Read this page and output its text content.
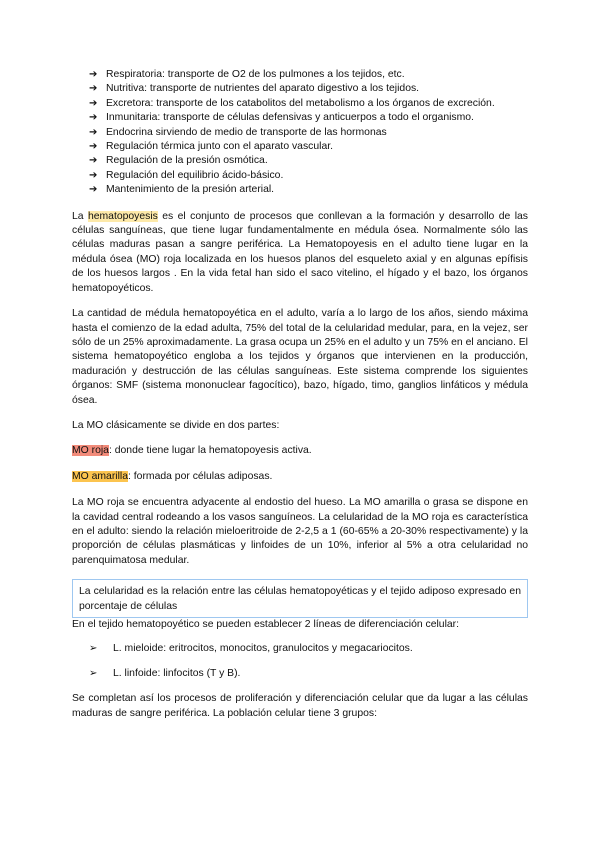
➔ Respiratoria: transporte de O2 de los pulmones a los tejidos, etc.
➔ Nutritiva: transporte de nutrientes del aparato digestivo a los tejidos.
➔ Excretora: transporte de los catabolitos del metabolismo a los órganos de excreción.
➔ Inmunitaria: transporte de células defensivas y anticuerpos a todo el organismo.
➔ Endocrina sirviendo de medio de transporte de las hormonas
➔ Regulación térmica junto con el aparato vascular.
➔ Regulación de la presión osmótica.
➔ Regulación del equilibrio ácido-básico.
➔ Mantenimiento de la presión arterial.

La hematopoyesis es el conjunto de procesos que conllevan a la formación y desarrollo de las células sanguíneas, que tiene lugar fundamentalmente en médula ósea. Normalmente sólo las células maduras pasan a sangre periférica. La Hematopoyesis en el adulto tiene lugar en la médula ósea (MO) roja localizada en los huesos planos del esqueleto axial y en algunas epífisis de los huesos largos . En la vida fetal han sido el saco vitelino, el hígado y el bazo, los órganos hematopoyéticos.

La cantidad de médula hematopoyética en el adulto, varía a lo largo de los años, siendo máxima hasta el comienzo de la edad adulta, 75% del total de la celularidad medular, para, en la vejez, ser sólo de un 25% aproximadamente. La grasa ocupa un 25% en el adulto y un 75% en el anciano. El sistema hematopoyético engloba a los tejidos y órganos que intervienen en la producción, maduración y destrucción de las células sanguíneas. Este sistema comprende los siguientes órganos: SMF (sistema mononuclear fagocítico), bazo, hígado, timo, ganglios linfáticos y médula ósea.

La MO clásicamente se divide en dos partes:

MO roja: donde tiene lugar la hematopoyesis activa.

MO amarilla: formada por células adiposas.

La MO roja se encuentra adyacente al endostio del hueso. La MO amarilla o grasa se dispone en la cavidad central rodeando a los vasos sanguíneos. La celularidad de la MO roja es característica en el adulto: siendo la relación mieloeritroide de 2-2,5 a 1 (60-65% a 20-30% respectivamente) y la proporción de células plasmáticas y linfoides de un 10%, inferior al 5% a otra celularidad no parenquimatosa medular.

La celularidad es la relación entre las células hematopoyéticas y el tejido adiposo expresado en porcentaje de células

En el tejido hematopoyético se pueden establecer 2 líneas de diferenciación celular:

➢	L. mieloide: eritrocitos, monocitos, granulocitos y megacariocitos.
➢	L. linfoide: linfocitos (T y B).

Se completan así los procesos de proliferación y diferenciación celular que da lugar a las células maduras de sangre periférica. La población celular tiene 3 grupos:
